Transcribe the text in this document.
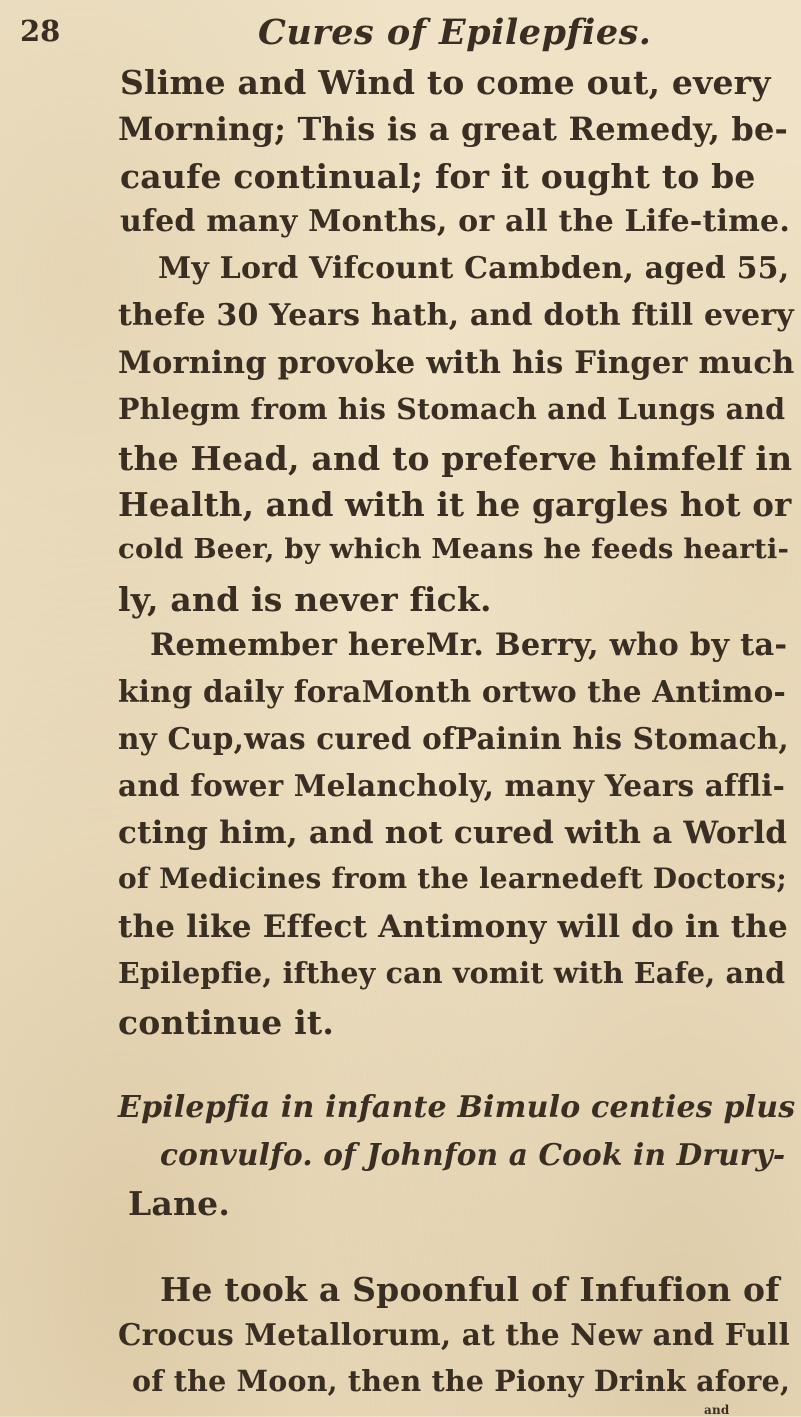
28	Cures of Epilepfies.
Slime and Wind to come out, every
Morning; This is a great Remedy, be-
caufe continual; for it ought to be
ufed many Months, or all the Life-time.
My Lord Vifcount Cambden, aged 55,
thefe 30 Years hath, and doth ftill every
Morning provoke with his Finger much
Phlegm from his Stomach and Lungs and
the Head, and to preferve himfelf in
Health, and with it he gargles hot or
cold Beer, by which Means he feeds hearti-
ly, and is never fick.
Remember hereMr. Berry, who by ta-
king daily foraMonth ortwo the Antimo-
ny Cup,was cured ofPainin his Stomach,
and fower Melancholy, many Years affli-
cting him, and not cured with a World
of Medicines from the learnedeft Doctors;
the like Effect Antimony will do in the
Epilepfie, ifthey can vomit with Eafe, and
continue it.
Epilepfia in infante Bimulo centies plus
convulfo. of Johnfon a Cook in Drury-
Lane.
He took a Spoonful of Infufion of
Crocus Metallorum, at the New and Full
of the Moon, then the Piony Drink afore,
and
